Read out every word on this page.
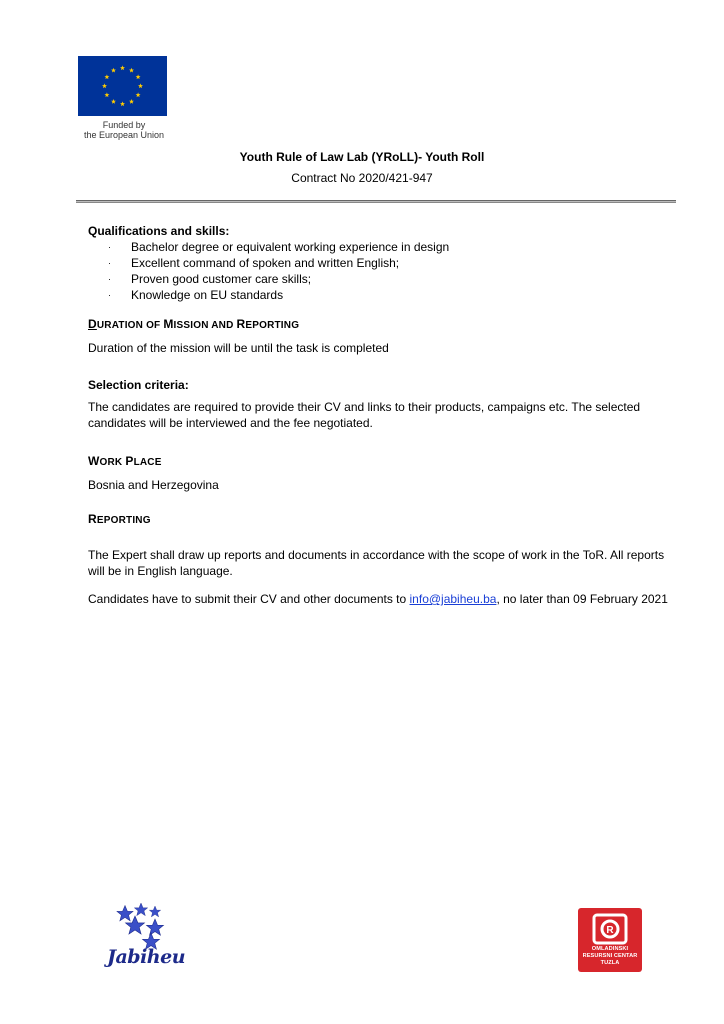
Funded by
the European Union
Youth Rule of Law Lab (YRoLL)- Youth Roll
Contract No 2020/421-947
Qualifications and skills:
· Bachelor degree or equivalent working experience in design
· Excellent command of spoken and written English;
· Proven good customer care skills;
· Knowledge on EU standards
DURATION OF MISSION AND REPORTING

Duration of the mission will be until the task is completed

Selection criteria:

The candidates are required to provide their CV and links to their products, campaigns etc. The selected candidates will be interviewed and the fee negotiated.

WORK PLACE

Bosnia and Herzegovina

REPORTING

The Expert shall draw up reports and documents in accordance with the scope of work in the ToR. All reports will be in English language.

Candidates have to submit their CV and other documents to info@jabiheu.ba, no later than 09 February 2021

Jabiheu
R
OMLADINSKI
RESURSNI CENTAR
TUZLA
